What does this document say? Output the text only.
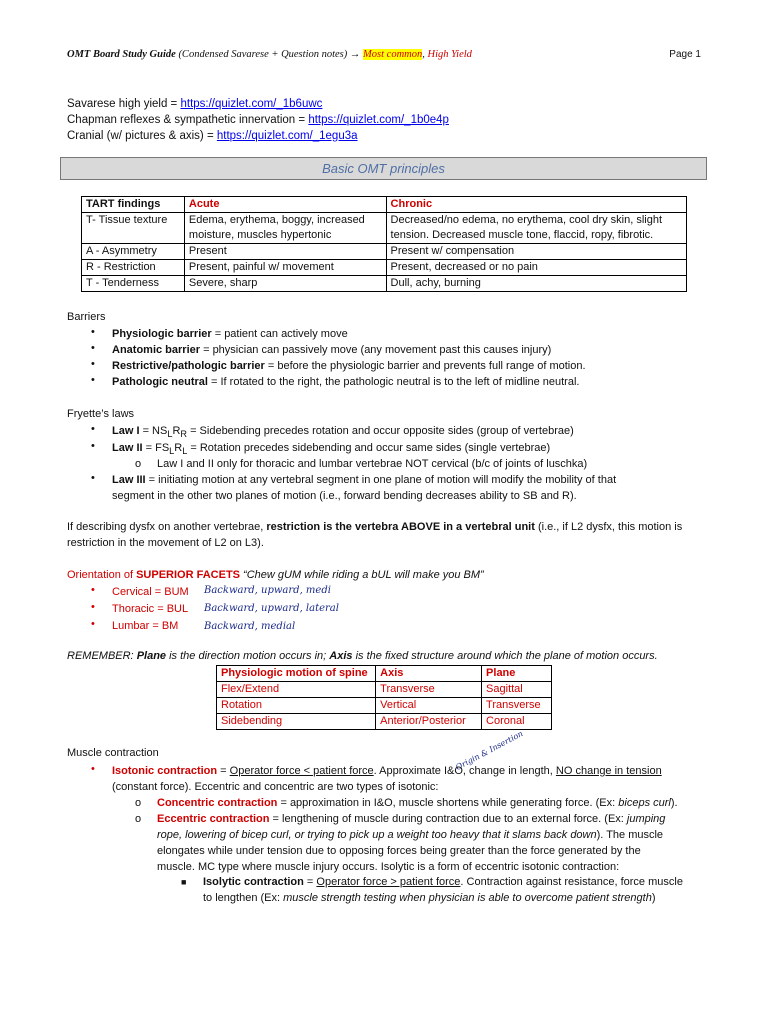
OMT Board Study Guide (Condensed Savarese + Question notes) → Most common, High Yield	Page 1
Savarese high yield = https://quizlet.com/_1b6uwc
Chapman reflexes & sympathetic innervation = https://quizlet.com/_1b0e4p
Cranial (w/ pictures & axis) = https://quizlet.com/_1egu3a
Basic OMT principles
TART findings	Acute	Chronic
T- Tissue texture	Edema, erythema, boggy, increased moisture, muscles hypertonic	Decreased/no edema, no erythema, cool dry skin, slight tension. Decreased muscle tone, flaccid, ropy, fibrotic.
A - Asymmetry	Present	Present w/ compensation
R - Restriction	Present, painful w/ movement	Present, decreased or no pain
T - Tenderness	Severe, sharp	Dull, achy, burning
Barriers
• Physiologic barrier = patient can actively move
• Anatomic barrier = physician can passively move (any movement past this causes injury)
• Restrictive/pathologic barrier = before the physiologic barrier and prevents full range of motion.
• Pathologic neutral = If rotated to the right, the pathologic neutral is to the left of midline neutral.
Fryette’s laws
• Law $I = NS_LR_R$ = Sidebending precedes rotation and occur opposite sides (group of vertebrae)
• Law II = $FS_LR_L$ = Rotation precedes sidebending and occur same sides (single vertebrae)
o Law I and II only for thoracic and lumbar vertebrae NOT cervical (b/c of joints of luschka)
• Law III = initiating motion at any vertebral segment in one plane of motion will modify the mobility of that
segment in the other two planes of motion (i.e., forward bending decreases ability to SB and R).
If describing dysfx on another vertebrae, restriction is the vertebra ABOVE in a vertebral unit (i.e., if L2 dysfx, this motion is
restriction in the movement of L2 on L3).
Orientation of SUPERIOR FACETS “Chew gUM while riding a bUL will make you BM”
• Cervical = BUM Backward, upward, medi
• Thoracic = BUL Backward, upward, lateral
• Lumbar = BM	Backward, medial
REMEMBER: Plane is the direction motion occurs in; Axis is the fixed structure around which the plane of motion occurs.
Physiologic motion of spine	Axis	Plane
Flex/Extend	Transverse	Sagittal
Rotation	Vertical	Transverse
Sidebending	Anterior/Posterior	Coronal
Muscle contraction	Origin & Insertion
• Isotonic contraction = Operator force < patient force. Approximate I&O, change in length, NO change in tension
(constant force). Eccentric and concentric are two types of isotonic:
o Concentric contraction = approximation in I&O, muscle shortens while generating force. (Ex: biceps curl).
o Eccentric contraction = lengthening of muscle during contraction due to an external force. (Ex: jumping
rope, lowering of bicep curl, or trying to pick up a weight too heavy that it slams back down). The muscle
elongates while under tension due to opposing forces being greater than the force generated by the
muscle. MC type where muscle injury occurs. Isolytic is a form of eccentric isotonic contraction:
■ Isolytic contraction = Operator force > patient force. Contraction against resistance, force muscle
to lengthen (Ex: muscle strength testing when physician is able to overcome patient strength)
